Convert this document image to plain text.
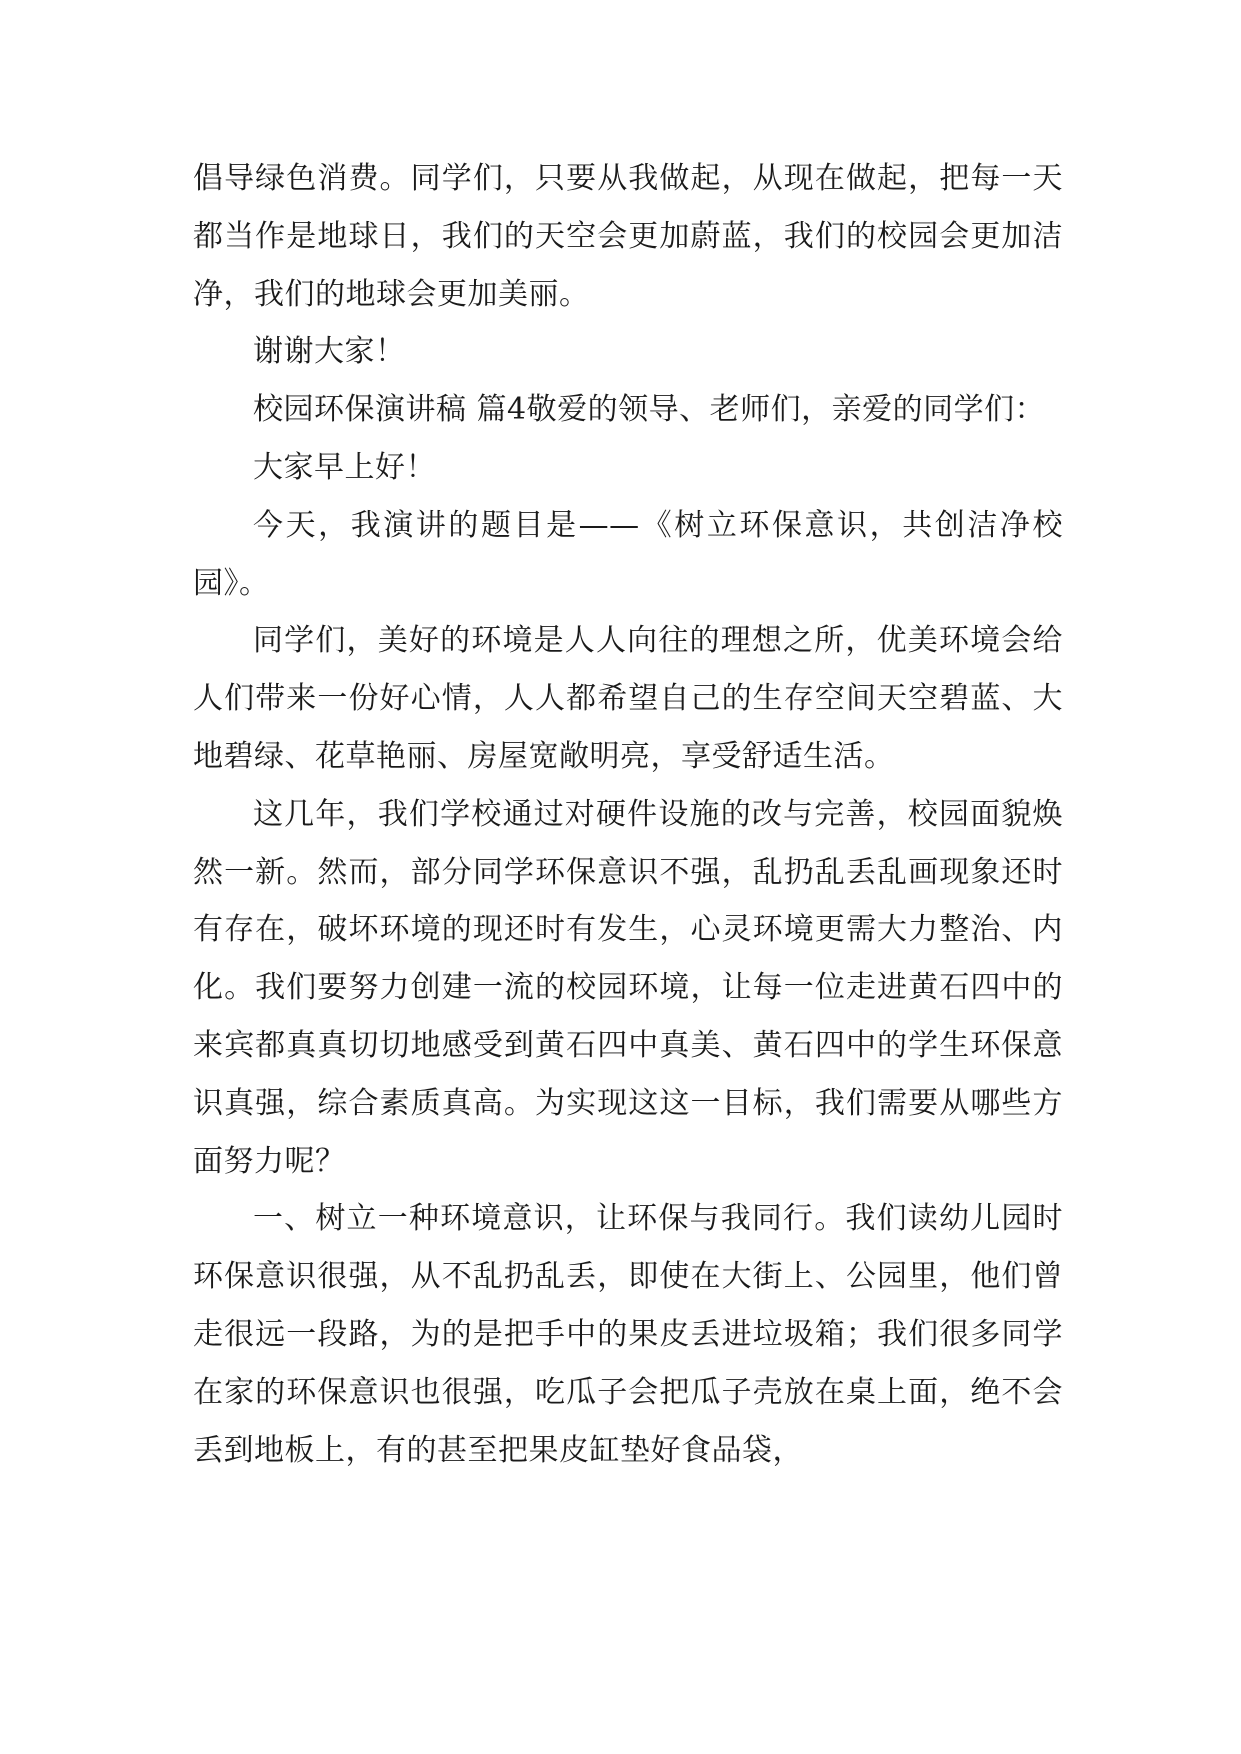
倡导绿色消费。同学们，只要从我做起，从现在做起，把每一天都当作是地球日，我们的天空会更加蔚蓝，我们的校园会更加洁净，我们的地球会更加美丽。

谢谢大家！

校园环保演讲稿 篇4敬爱的领导、老师们，亲爱的同学们：

大家早上好！

今天，我演讲的题目是——《树立环保意识，共创洁净校园》。

同学们，美好的环境是人人向往的理想之所，优美环境会给人们带来一份好心情，人人都希望自己的生存空间天空碧蓝、大地碧绿、花草艳丽、房屋宽敞明亮，享受舒适生活。

这几年，我们学校通过对硬件设施的改与完善，校园面貌焕然一新。然而，部分同学环保意识不强，乱扔乱丢乱画现象还时有存在，破坏环境的现还时有发生，心灵环境更需大力整治、内化。我们要努力创建一流的校园环境，让每一位走进黄石四中的来宾都真真切切地感受到黄石四中真美、黄石四中的学生环保意识真强，综合素质真高。为实现这这一目标，我们需要从哪些方面努力呢？

一、树立一种环境意识，让环保与我同行。我们读幼儿园时环保意识很强，从不乱扔乱丢，即使在大街上、公园里，他们曾走很远一段路，为的是把手中的果皮丢进垃圾箱；我们很多同学在家的环保意识也很强，吃瓜子会把瓜子壳放在桌上面，绝不会丢到地板上，有的甚至把果皮缸垫好食品袋，
